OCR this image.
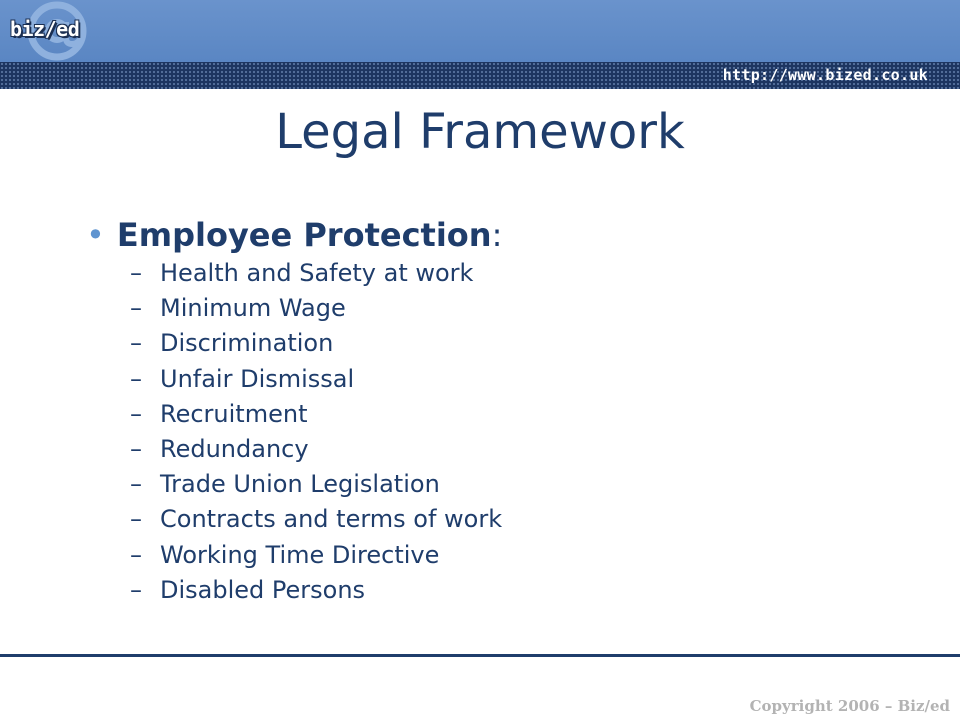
biz/ed
http://www.bized.co.uk
Legal Framework
• Employee Protection:
– Health and Safety at work
– Minimum Wage
– Discrimination
– Unfair Dismissal
– Recruitment
– Redundancy
– Trade Union Legislation
– Contracts and terms of work
– Working Time Directive
– Disabled Persons
Copyright 2006 – Biz/ed
